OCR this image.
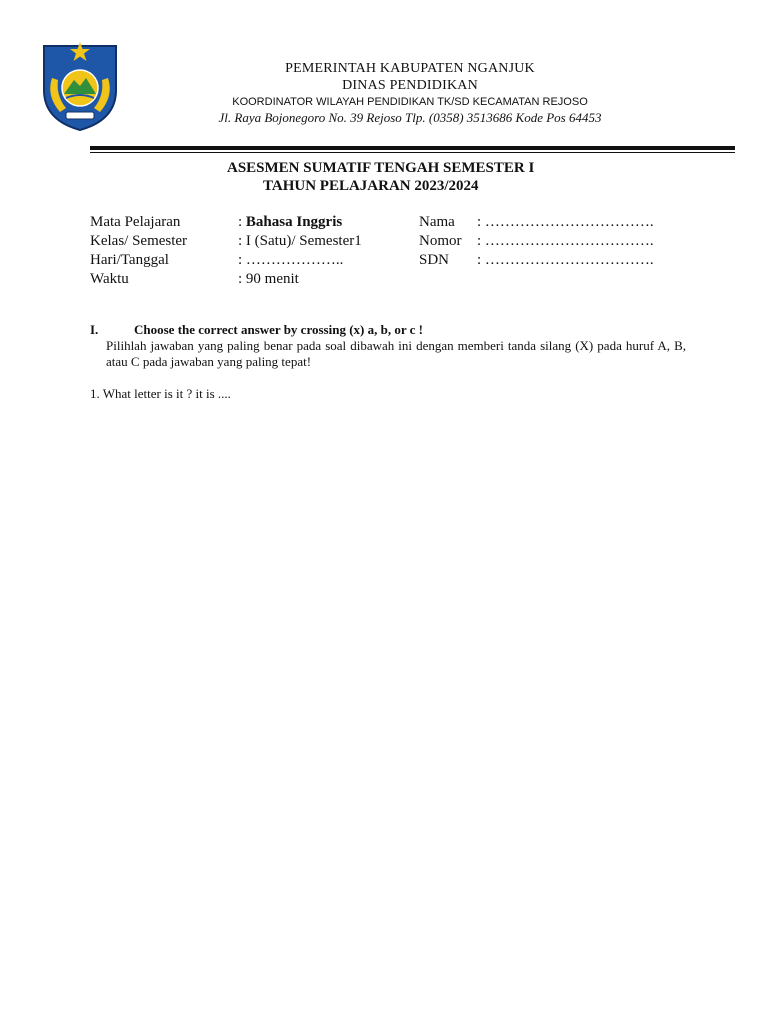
PEMERINTAH KABUPATEN NGANJUK
DINAS PENDIDIKAN
KOORDINATOR WILAYAH PENDIDIKAN TK/SD KECAMATAN REJOSO
Jl. Raya Bojonegoro No. 39 Rejoso Tlp. (0358) 3513686 Kode Pos 64453
ASESMEN SUMATIF TENGAH SEMESTER I
TAHUN PELAJARAN 2023/2024
Mata Pelajaran	: Bahasa Inggris
Kelas/ Semester	: I (Satu)/ Semester1
Hari/Tanggal	: ………………..
Waktu	: 90 menit
Nama : …………………………….
Nomor : …………………………….
SDN : …………………………….
I.	Choose the correct answer by crossing (x) a, b, or c !
Pilihlah jawaban yang paling benar pada soal dibawah ini dengan memberi tanda silang (X) pada huruf A, B, atau C pada jawaban yang paling tepat!
1. What letter is it ? it is ....
